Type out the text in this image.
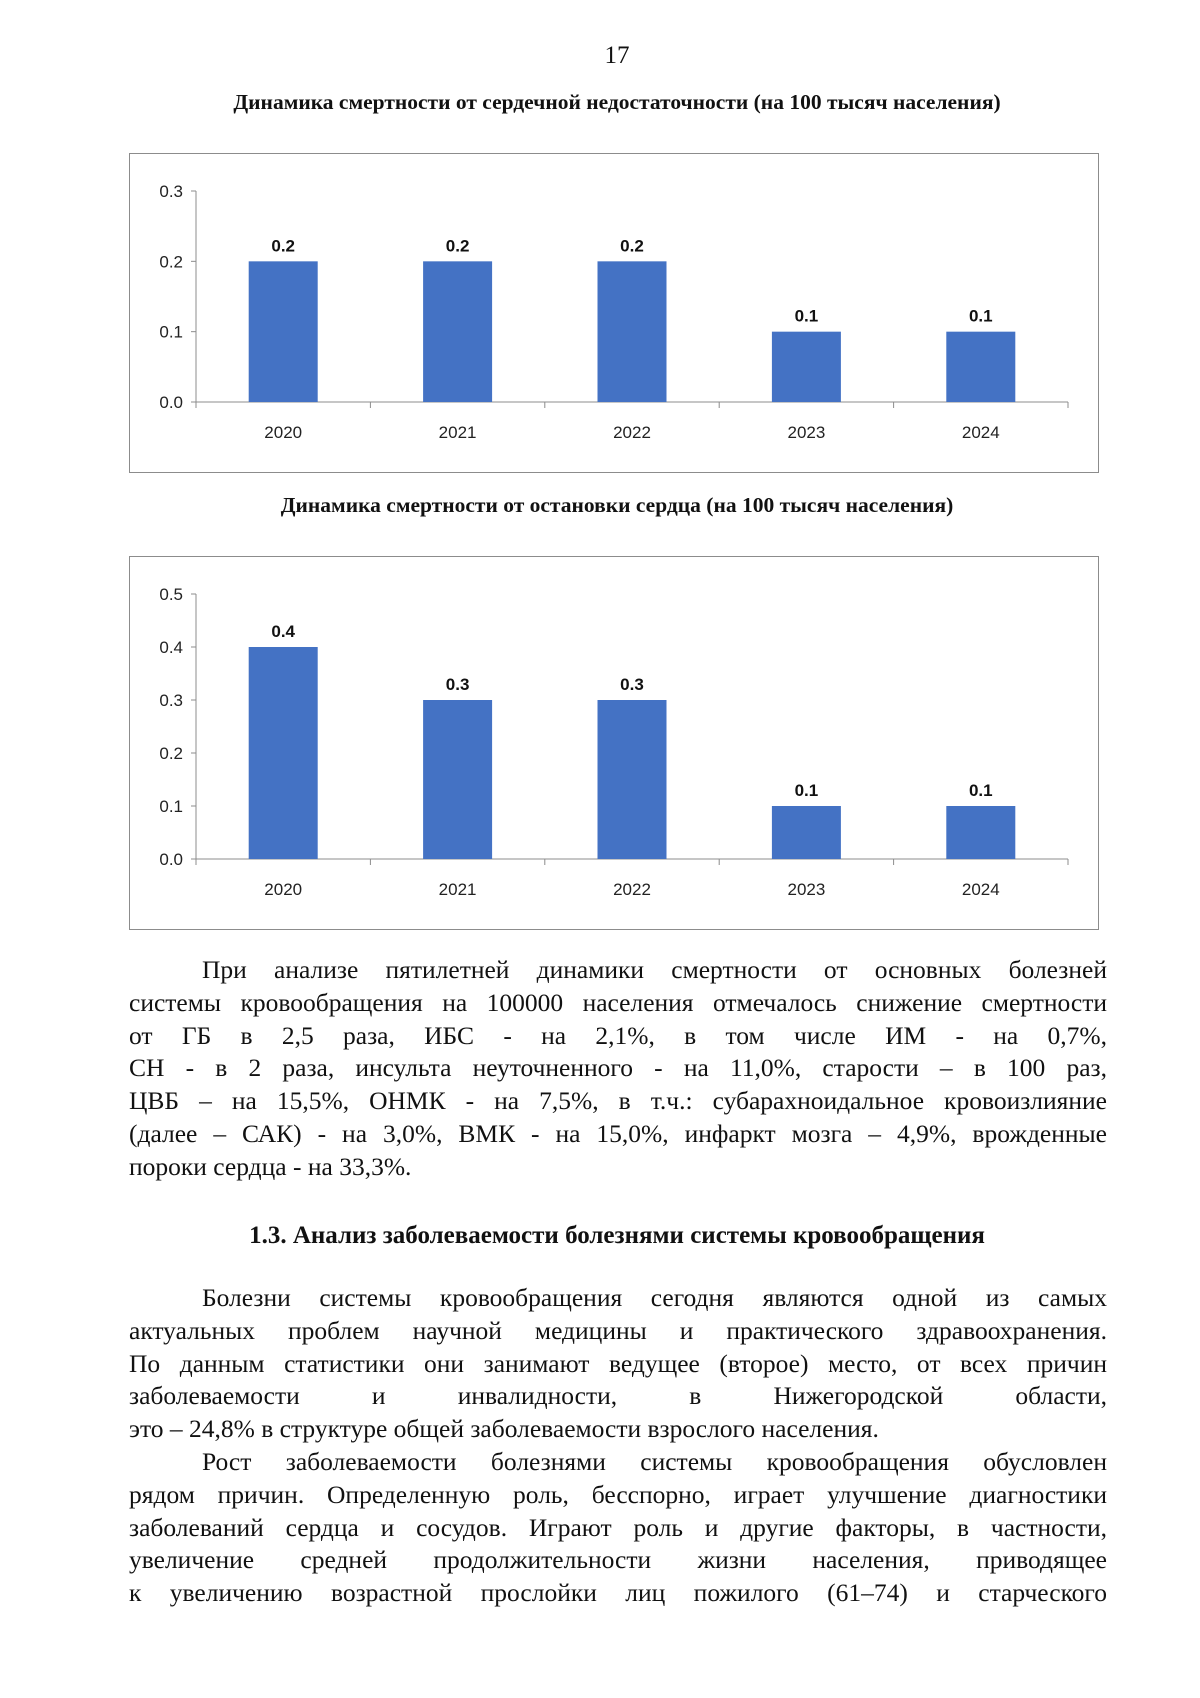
17
Динамика смертности от сердечной недостаточности (на 100 тысяч населения)
0.0
0.1
0.2
0.3
0.2
2020
0.2
2021
0.2
2022
0.1
2023
0.1
2024
Динамика смертности от остановки сердца (на 100 тысяч населения)
0.0
0.1
0.2
0.3
0.4
0.5
0.4
2020
0.3
2021
0.3
2022
0.1
2023
0.1
2024

При анализе пятилетней динамики смертности от основных болезней

системы кровообращения на 100000 населения отмечалось снижение смертности

от ГБ в 2,5 раза, ИБС - на 2,1%, в том числе ИМ - на 0,7%,

СН - в 2 раза, инсульта неуточненного - на 11,0%, старости – в 100 раз,

ЦВБ – на 15,5%, ОНМК - на 7,5%, в т.ч.: субарахноидальное кровоизлияние

(далее – САК) - на 3,0%, ВМК - на 15,0%, инфаркт мозга – 4,9%, врожденные

пороки сердца - на 33,3%.

1.3. Анализ заболеваемости болезнями системы кровообращения

Болезни системы кровообращения сегодня являются одной из самых

актуальных проблем научной медицины и практического здравоохранения.

По данным статистики они занимают ведущее (второе) место, от всех причин

заболеваемости и инвалидности, в Нижегородской области,

это – 24,8% в структуре общей заболеваемости взрослого населения.

Рост заболеваемости болезнями системы кровообращения обусловлен

рядом причин. Определенную роль, бесспорно, играет улучшение диагностики

заболеваний сердца и сосудов. Играют роль и другие факторы, в частности,

увеличение средней продолжительности жизни населения, приводящее

к увеличению возрастной прослойки лиц пожилого (61–74) и старческого
